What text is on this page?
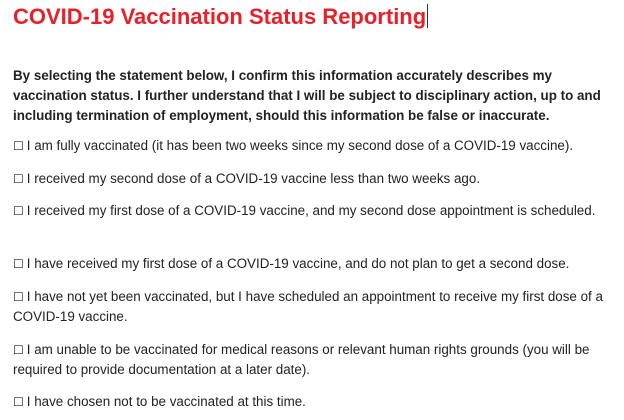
COVID-19 Vaccination Status Reporting

By selecting the statement below, I confirm this information accurately describes my vaccination status. I further understand that I will be subject to disciplinary action, up to and including termination of employment, should this information be false or inaccurate.

☐ I am fully vaccinated (it has been two weeks since my second dose of a COVID-19 vaccine).
☐ I received my second dose of a COVID-19 vaccine less than two weeks ago.
☐ I received my first dose of a COVID-19 vaccine, and my second dose appointment is scheduled.
☐ I have received my first dose of a COVID-19 vaccine, and do not plan to get a second dose.
☐ I have not yet been vaccinated, but I have scheduled an appointment to receive my first dose of a COVID-19 vaccine.
☐ I am unable to be vaccinated for medical reasons or relevant human rights grounds (you will be required to provide documentation at a later date).
☐ I have chosen not to be vaccinated at this time.
